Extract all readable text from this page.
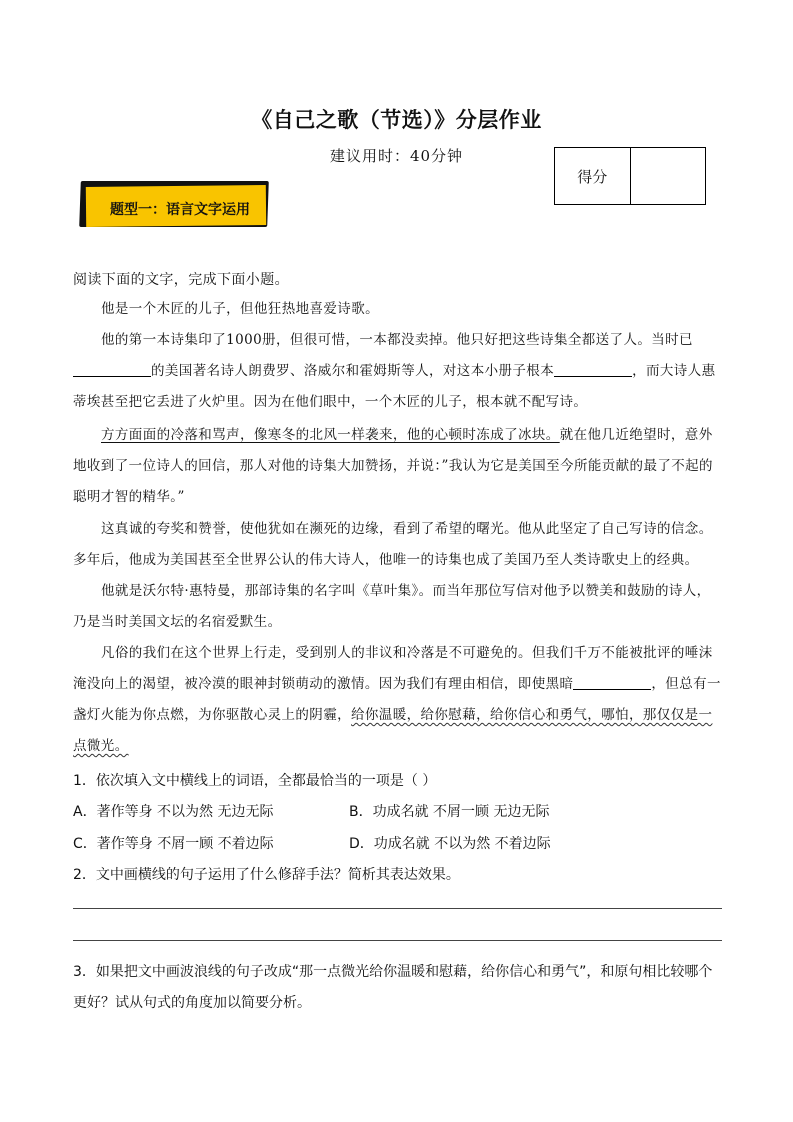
《自己之歌（节选）》分层作业
建议用时：40分钟
得分
题型一：语言文字运用
阅读下面的文字，完成下面小题。

他是一个木匠的儿子，但他狂热地喜爱诗歌。

他的第一本诗集印了1000册，但很可惜，一本都没卖掉。他只好把这些诗集全都送了人。当时已的美国著名诗人朗费罗、洛威尔和霍姆斯等人，对这本小册子根本	，而大诗人惠蒂埃甚至把它丢进了火炉里。因为在他们眼中，一个木匠的儿子，根本就不配写诗。

方方面面的冷落和骂声，像寒冬的北风一样袭来，他的心顿时冻成了冰块。就在他几近绝望时，意外地收到了一位诗人的回信，那人对他的诗集大加赞扬，并说：”我认为它是美国至今所能贡献的最了不起的聪明才智的精华。”

这真诚的夸奖和赞誉，使他犹如在濒死的边缘，看到了希望的曙光。他从此坚定了自己写诗的信念。多年后，他成为美国甚至全世界公认的伟大诗人，他唯一的诗集也成了美国乃至人类诗歌史上的经典。

他就是沃尔特·惠特曼，那部诗集的名字叫《草叶集》。而当年那位写信对他予以赞美和鼓励的诗人，乃是当时美国文坛的名宿爱默生。

凡俗的我们在这个世界上行走，受到别人的非议和冷落是不可避免的。但我们千万不能被批评的唾沫淹没向上的渴望，被冷漠的眼神封锁萌动的激情。因为我们有理由相信，即使黑暗	，但总有一盏灯火能为你点燃，为你驱散心灵上的阴霾，给你温暖，给你慰藉，给你信心和勇气，哪怕，那仅仅是一点微光。

1．依次填入文中横线上的词语，全都最恰当的一项是（ ）
A．著作等身 不以为然 无边无际	B．功成名就 不屑一顾 无边无际
C．著作等身 不屑一顾 不着边际	D．功成名就 不以为然 不着边际
2．文中画横线的句子运用了什么修辞手法？简析其表达效果。
3．如果把文中画波浪线的句子改成“那一点微光给你温暖和慰藉，给你信心和勇气”，和原句相比较哪个更好？试从句式的角度加以简要分析。
